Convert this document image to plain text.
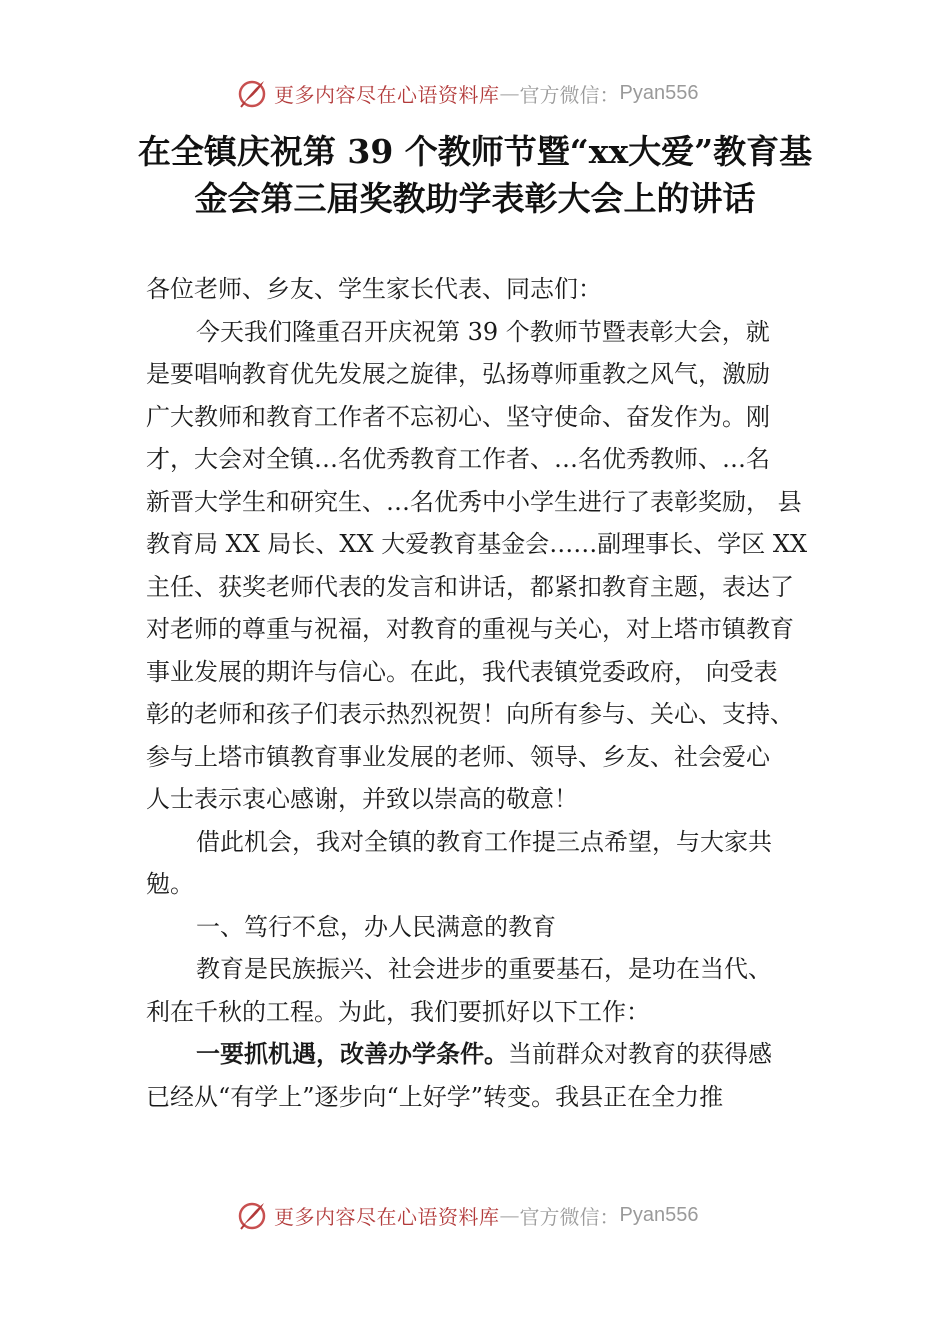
更多内容尽在心语资料库 — 官方微信： Pyan556
在全镇庆祝第 39 个教师节暨“xx大爱”教育基
金会第三届奖教助学表彰大会上的讲话
各位老师、乡友、学生家长代表、同志们：

今天我们隆重召开庆祝第 39 个教师节暨表彰大会，就
是要唱响教育优先发展之旋律，弘扬尊师重教之风气，激励
广大教师和教育工作者不忘初心、坚守使命、奋发作为。刚
才，大会对全镇…名优秀教育工作者、…名优秀教师、…名
新晋大学生和研究生、…名优秀中小学生进行了表彰奖励， 县
教育局 XX 局长、XX 大爱教育基金会……副理事长、学区 XX
主任、获奖老师代表的发言和讲话，都紧扣教育主题，表达了
对老师的尊重与祝福，对教育的重视与关心，对上塔市镇教育
事业发展的期许与信心。在此，我代表镇党委政府， 向受表
彰的老师和孩子们表示热烈祝贺！向所有参与、关心、支持、
参与上塔市镇教育事业发展的老师、领导、乡友、社会爱心
人士表示衷心感谢，并致以崇高的敬意！

借此机会，我对全镇的教育工作提三点希望，与大家共
勉。

一、笃行不怠，办人民满意的教育

教育是民族振兴、社会进步的重要基石，是功在当代、
利在千秋的工程。为此，我们要抓好以下工作：

一要抓机遇，改善办学条件。当前群众对教育的获得感
已经从“有学上”逐步向“上好学”转变。我县正在全力推

更多内容尽在心语资料库 — 官方微信： Pyan556
